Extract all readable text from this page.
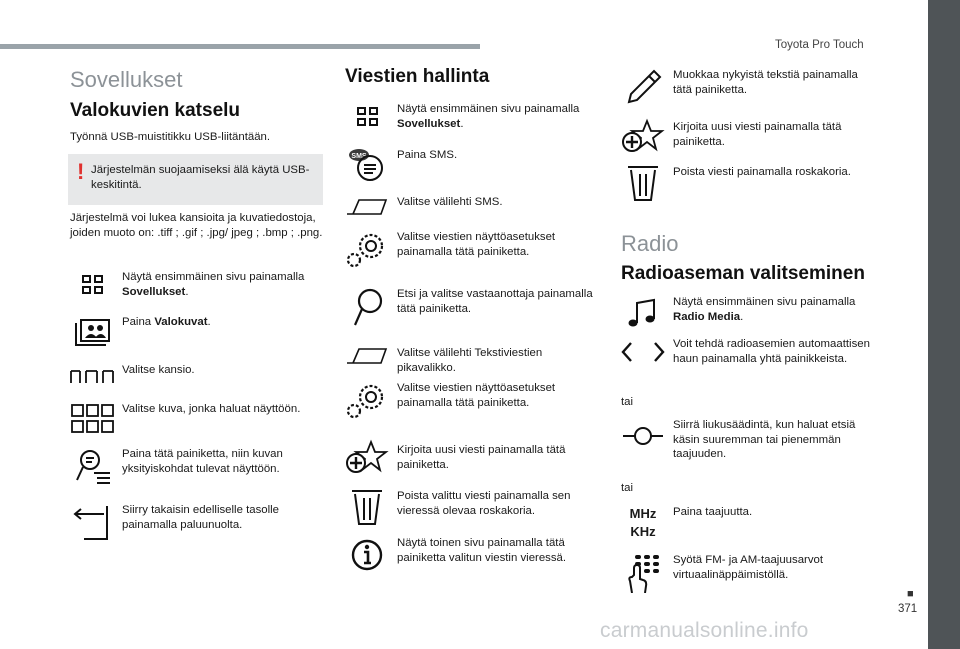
Toyota Pro Touch
■
371
carmanualsonline.info
Sovellukset
Valokuvien katselu
Työnnä USB-muistitikku USB-liitäntään.
! Järjestelmän suojaamiseksi älä käytä USB-keskitintä.
Järjestelmä voi lukea kansioita ja kuvatiedostoja, joiden muoto on: .tiff ; .gif ; .jpg/ jpeg ; .bmp ; .png.
Näytä ensimmäinen sivu painamalla Sovellukset.
Paina Valokuvat.
Valitse kansio.
Valitse kuva, jonka haluat näyttöön.
Paina tätä painiketta, niin kuvan yksityiskohdat tulevat näyttöön.
Siirry takaisin edelliselle tasolle painamalla paluunuolta.
Viestien hallinta
Näytä ensimmäinen sivu painamalla Sovellukset.
SMS	Paina SMS.
Valitse välilehti SMS.
Valitse viestien näyttöasetukset painamalla tätä painiketta.
Etsi ja valitse vastaanottaja painamalla tätä painiketta.
Valitse välilehti Tekstiviestien pikavalikko.
Valitse viestien näyttöasetukset painamalla tätä painiketta.
Kirjoita uusi viesti painamalla tätä painiketta.
Poista valittu viesti painamalla sen vieressä olevaa roskakoria.
Näytä toinen sivu painamalla tätä painiketta valitun viestin vieressä.
Muokkaa nykyistä tekstiä painamalla tätä painiketta.
Kirjoita uusi viesti painamalla tätä painiketta.
Poista viesti painamalla roskakoria.
Radio
Radioaseman valitseminen
Näytä ensimmäinen sivu painamalla Radio Media.
Voit tehdä radioasemien automaattisen haun painamalla yhtä painikkeista.
tai
Siirrä liukusäädintä, kun haluat etsiä käsin suuremman tai pienemmän taajuuden.
tai
MHz
KHz
Paina taajuutta.
Syötä FM- ja AM-taajuusarvot virtuaalinäppäimistöllä.
